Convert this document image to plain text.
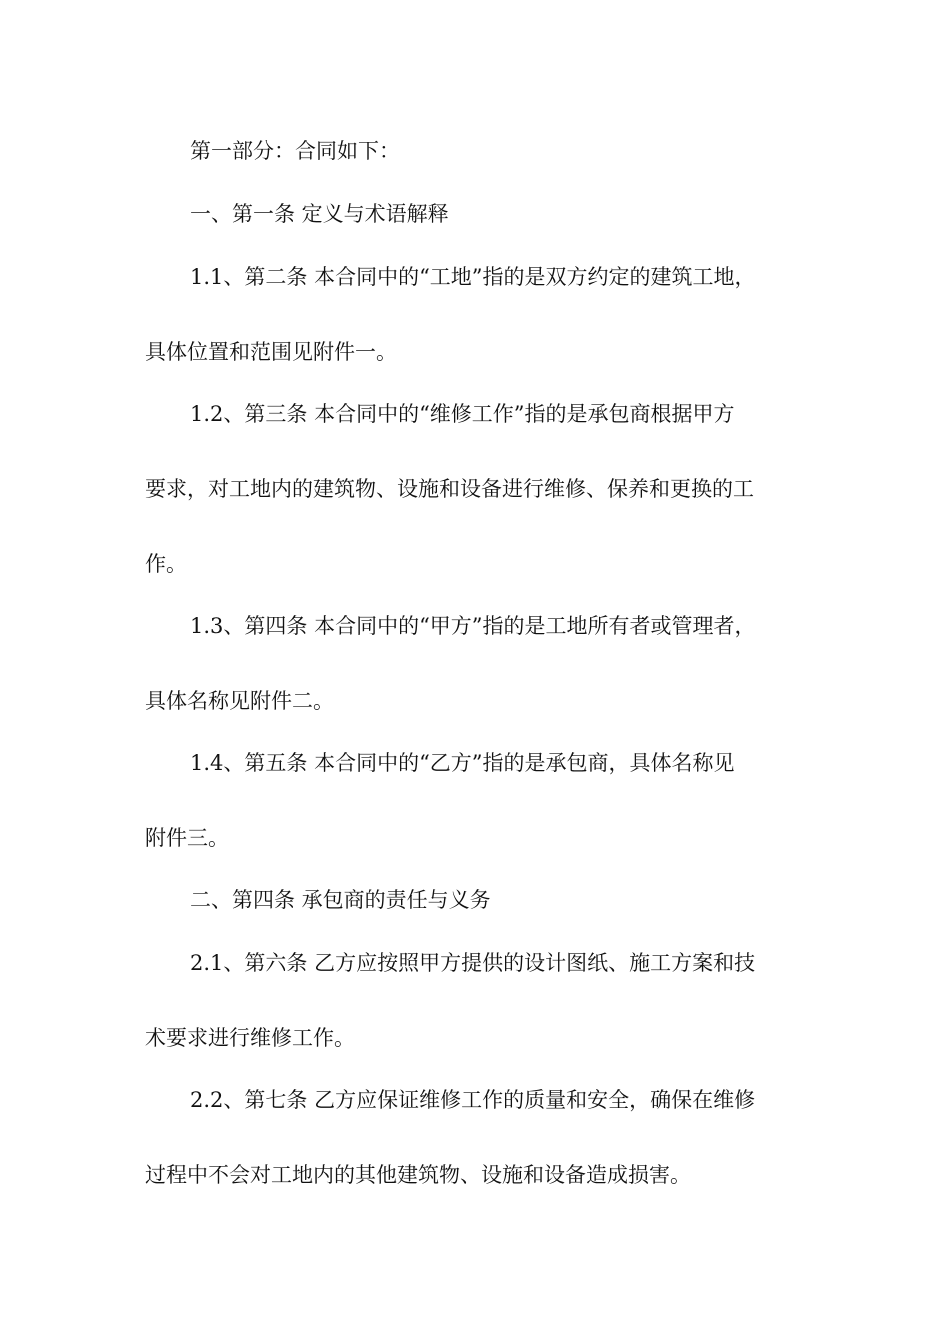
第一部分：合同如下：
一、第一条 定义与术语解释
1.1、第二条 本合同中的“工地”指的是双方约定的建筑工地，
具体位置和范围见附件一。
1.2、第三条 本合同中的“维修工作”指的是承包商根据甲方
要求，对工地内的建筑物、设施和设备进行维修、保养和更换的工
作。
1.3、第四条 本合同中的“甲方”指的是工地所有者或管理者，
具体名称见附件二。
1.4、第五条 本合同中的“乙方”指的是承包商，具体名称见
附件三。
二、第四条 承包商的责任与义务
2.1、第六条 乙方应按照甲方提供的设计图纸、施工方案和技
术要求进行维修工作。
2.2、第七条 乙方应保证维修工作的质量和安全，确保在维修
过程中不会对工地内的其他建筑物、设施和设备造成损害。
